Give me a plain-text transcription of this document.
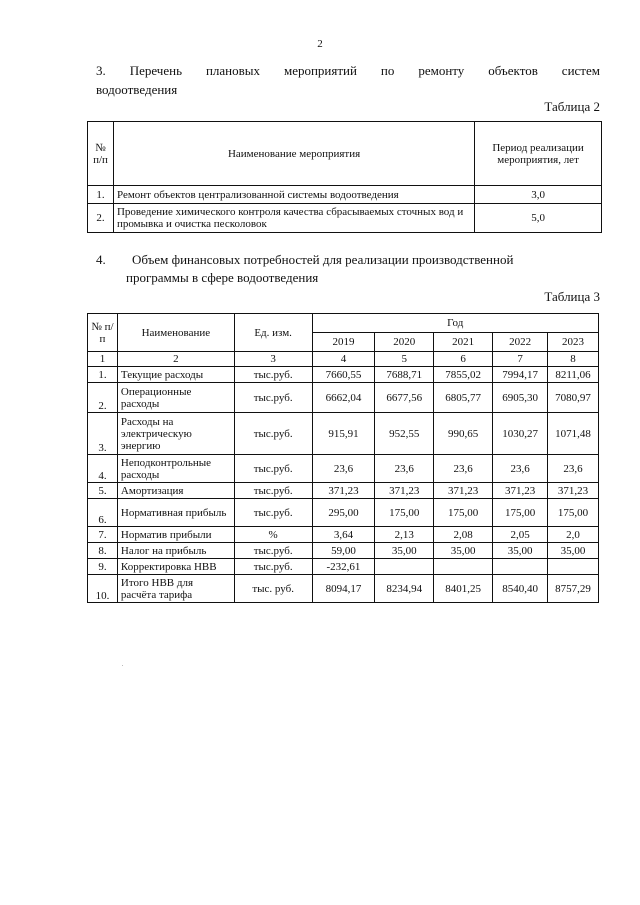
2
3. Перечень плановых мероприятий по ремонту объектов систем
водоотведения
Таблица 2
№ п/п	Наименование мероприятия	Период реализации мероприятия, лет
1.	Ремонт объектов централизованной системы водоотведения	3,0
2.	Проведение химического контроля качества сбрасываемых сточных вод и промывка и очистка песколовок	5,0
4. Объем финансовых потребностей для реализации производственной
программы в сфере водоотведения
Таблица 3
№ п/п	Наименование	Ед. изм.	Год				
			2019	2020	2021	2022	2023
1	2	3	4	5	6	7	8
1.	Текущие расходы	тыс.руб.	7660,55	7688,71	7855,02	7994,17	8211,06
2.	Операционные расходы	тыс.руб.	6662,04	6677,56	6805,77	6905,30	7080,97
3.	Расходы на электрическую энергию	тыс.руб.	915,91	952,55	990,65	1030,27	1071,48
4.	Неподконтрольные расходы	тыс.руб.	23,6	23,6	23,6	23,6	23,6
5.	Амортизация	тыс.руб.	371,23	371,23	371,23	371,23	371,23
6.	Нормативная прибыль	тыс.руб.	295,00	175,00	175,00	175,00	175,00
7.	Норматив прибыли	%	3,64	2,13	2,08	2,05	2,0
8.	Налог на прибыль	тыс.руб.	59,00	35,00	35,00	35,00	35,00
9.	Корректировка НВВ	тыс.руб.	-232,61				
10.	Итого НВВ для расчёта тарифа	тыс. руб.	8094,17	8234,94	8401,25	8540,40	8757,29
